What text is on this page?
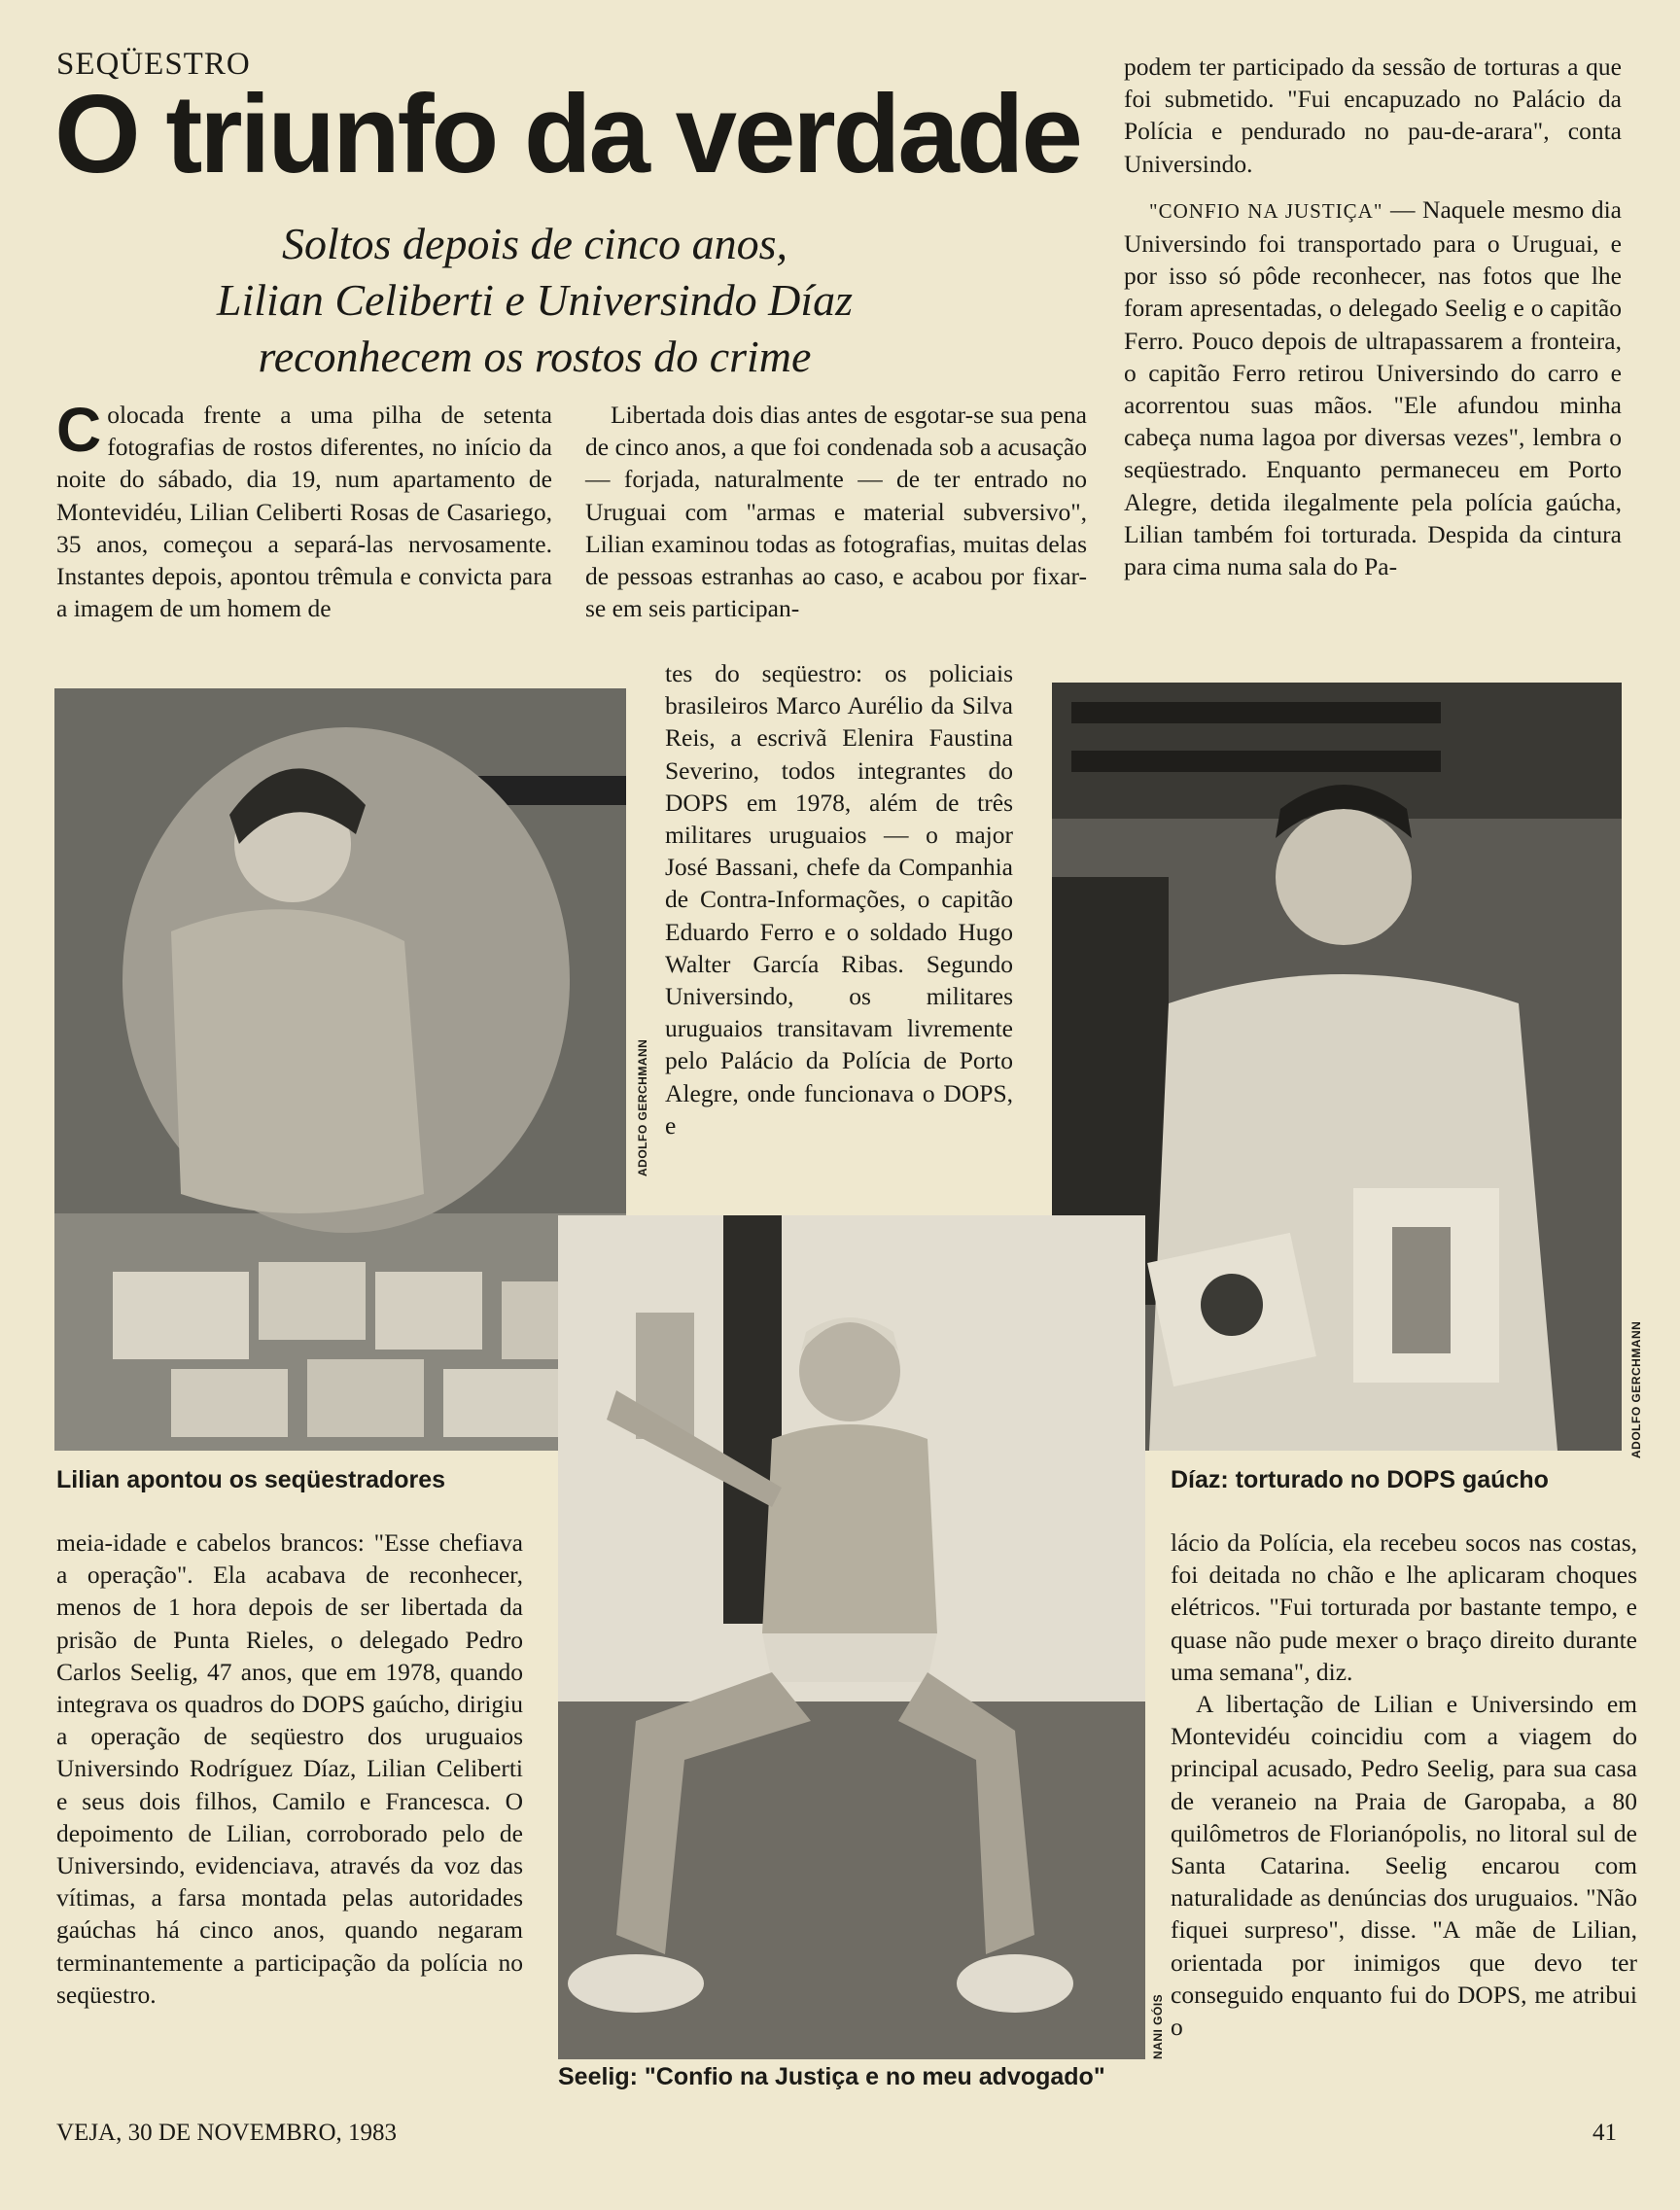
SEQÜESTRO
O triunfo da verdade
Soltos depois de cinco anos,
Lilian Celiberti e Universindo Díaz
reconhecem os rostos do crime

Colocada frente a uma pilha de setenta fotografias de rostos diferentes, no início da noite do sábado, dia 19, num apartamento de Montevidéu, Lilian Celiberti Rosas de Casariego, 35 anos, começou a separá-las nervosamente. Instantes depois, apontou trêmula e convicta para a imagem de um homem de

Libertada dois dias antes de esgotar-se sua pena de cinco anos, a que foi condenada sob a acusação — forjada, naturalmente — de ter entrado no Uruguai com "armas e material subversivo", Lilian examinou todas as fotografias, muitas delas de pessoas estranhas ao caso, e acabou por fixar-se em seis participan-

tes do seqüestro: os policiais brasileiros Marco Aurélio da Silva Reis, a escrivã Elenira Faustina Severino, todos integrantes do DOPS em 1978, além de três militares uruguaios — o major José Bassani, chefe da Companhia de Contra-Informações, o capitão Eduardo Ferro e o soldado Hugo Walter García Ribas. Segundo Universindo, os militares uruguaios transitavam livremente pelo Palácio da Polícia de Porto Alegre, onde funcionava o DOPS, e

podem ter participado da sessão de torturas a que foi submetido. "Fui encapuzado no Palácio da Polícia e pendurado no pau-de-arara", conta Universindo.

"CONFIO NA JUSTIÇA" — Naquele mesmo dia Universindo foi transportado para o Uruguai, e por isso só pôde reconhecer, nas fotos que lhe foram apresentadas, o delegado Seelig e o capitão Ferro. Pouco depois de ultrapassarem a fronteira, o capitão Ferro retirou Universindo do carro e acorrentou suas mãos. "Ele afundou minha cabeça numa lagoa por diversas vezes", lembra o seqüestrado. Enquanto permaneceu em Porto Alegre, detida ilegalmente pela polícia gaúcha, Lilian também foi torturada. Despida da cintura para cima numa sala do Pa-

Lilian apontou os seqüestradores
ADOLFO GERCHMANN
Díaz: torturado no DOPS gaúcho
ADOLFO GERCHMANN
Seelig: "Confio na Justiça e no meu advogado"
NANI GÓIS

meia-idade e cabelos brancos: "Esse chefiava a operação". Ela acabava de reconhecer, menos de 1 hora depois de ser libertada da prisão de Punta Rieles, o delegado Pedro Carlos Seelig, 47 anos, que em 1978, quando integrava os quadros do DOPS gaúcho, dirigiu a operação de seqüestro dos uruguaios Universindo Rodríguez Díaz, Lilian Celiberti e seus dois filhos, Camilo e Francesca. O depoimento de Lilian, corroborado pelo de Universindo, evidenciava, através da voz das vítimas, a farsa montada pelas autoridades gaúchas há cinco anos, quando negaram terminantemente a participação da polícia no seqüestro.

lácio da Polícia, ela recebeu socos nas costas, foi deitada no chão e lhe aplicaram choques elétricos. "Fui torturada por bastante tempo, e quase não pude mexer o braço direito durante uma semana", diz.

A libertação de Lilian e Universindo em Montevidéu coincidiu com a viagem do principal acusado, Pedro Seelig, para sua casa de veraneio na Praia de Garopaba, a 80 quilômetros de Florianópolis, no litoral sul de Santa Catarina. Seelig encarou com naturalidade as denúncias dos uruguaios. "Não fiquei surpreso", disse. "A mãe de Lilian, orientada por inimigos que devo ter conseguido enquanto fui do DOPS, me atribui o

VEJA, 30 DE NOVEMBRO, 1983	41
